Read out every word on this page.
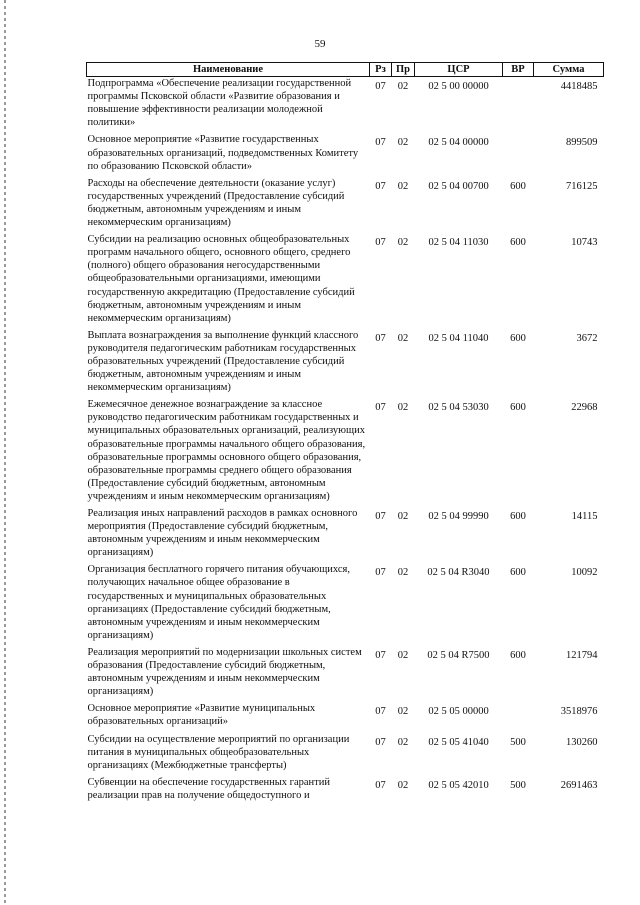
59
Наименование	Рз	Пр	ЦСР	ВР	Сумма
Подпрограмма «Обеспечение реализации государственной программы Псковской области «Развитие образования и повышение эффективности реализации молодежной политики»	07	02	02 5 00 00000		4418485
Основное мероприятие «Развитие государственных образовательных организаций, подведомственных Комитету по образованию Псковской области»	07	02	02 5 04 00000		899509
Расходы на обеспечение деятельности (оказание услуг) государственных учреждений (Предоставление субсидий бюджетным, автономным учреждениям и иным некоммерческим организациям)	07	02	02 5 04 00700	600	716125
Субсидии на реализацию основных общеобразовательных программ начального общего, основного общего, среднего (полного) общего образования негосударственными общеобразовательными организациями, имеющими государственную аккредитацию (Предоставление субсидий бюджетным, автономным учреждениям и иным некоммерческим организациям)	07	02	02 5 04 11030	600	10743
Выплата вознаграждения за выполнение функций классного руководителя педагогическим работникам государственных образовательных учреждений (Предоставление субсидий бюджетным, автономным учреждениям и иным некоммерческим организациям)	07	02	02 5 04 11040	600	3672
Ежемесячное денежное вознаграждение за классное руководство педагогическим работникам государственных и муниципальных образовательных организаций, реализующих образовательные программы начального общего образования, образовательные программы основного общего образования, образовательные программы среднего общего образования (Предоставление субсидий бюджетным, автономным учреждениям и иным некоммерческим организациям)	07	02	02 5 04 53030	600	22968
Реализация иных направлений расходов в рамках основного мероприятия (Предоставление субсидий бюджетным, автономным учреждениям и иным некоммерческим организациям)	07	02	02 5 04 99990	600	14115
Организация бесплатного горячего питания обучающихся, получающих начальное общее образование в государственных и муниципальных образовательных организациях (Предоставление субсидий бюджетным, автономным учреждениям и иным некоммерческим организациям)	07	02	02 5 04 R3040	600	10092
Реализация мероприятий по модернизации школьных систем образования (Предоставление субсидий бюджетным, автономным учреждениям и иным некоммерческим организациям)	07	02	02 5 04 R7500	600	121794
Основное мероприятие «Развитие муниципальных образовательных организаций»	07	02	02 5 05 00000		3518976
Субсидии на осуществление мероприятий по организации питания в муниципальных общеобразовательных организациях (Межбюджетные трансферты)	07	02	02 5 05 41040	500	130260
Субвенции на обеспечение государственных гарантий реализации прав на получение общедоступного и	07	02	02 5 05 42010	500	2691463
